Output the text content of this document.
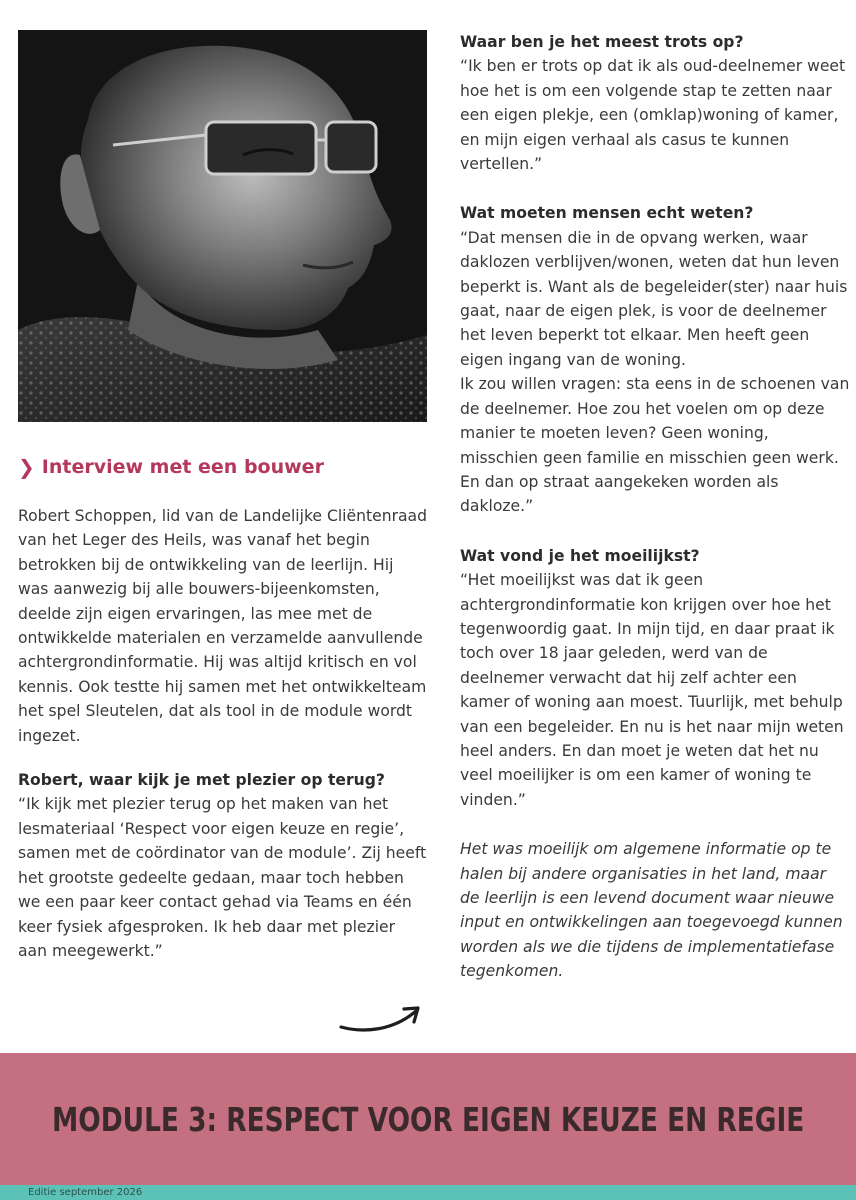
❯ Interview met een bouwer

Robert Schoppen, lid van de Landelijke Cliëntenraad van het Leger des Heils, was vanaf het begin betrokken bij de ontwikkeling van de leerlijn. Hij was aanwezig bij alle bouwers-bijeenkomsten, deelde zijn eigen ervaringen, las mee met de ontwikkelde materialen en verzamelde aanvullende achtergrondinformatie. Hij was altijd kritisch en vol kennis. Ook testte hij samen met het ontwikkelteam het spel Sleutelen, dat als tool in de module wordt ingezet.

Robert, waar kijk je met plezier op terug?

“Ik kijk met plezier terug op het maken van het lesmateriaal ‘Respect voor eigen keuze en regie’, samen met de coördinator van de module’. Zij heeft het grootste gedeelte gedaan, maar toch hebben we een paar keer contact gehad via Teams en één keer fysiek afgesproken. Ik heb daar met plezier aan meegewerkt.”

Waar ben je het meest trots op?

“Ik ben er trots op dat ik als oud-deelnemer weet hoe het is om een volgende stap te zetten naar een eigen plekje, een (omklap)woning of kamer, en mijn eigen verhaal als casus te kunnen vertellen.”

Wat moeten mensen echt weten?

“Dat mensen die in de opvang werken, waar daklozen verblijven/wonen, weten dat hun leven beperkt is. Want als de begeleider(ster) naar huis gaat, naar de eigen plek, is voor de deelnemer het leven beperkt tot elkaar. Men heeft geen eigen ingang van de woning.

Ik zou willen vragen: sta eens in de schoenen van de deelnemer. Hoe zou het voelen om op deze manier te moeten leven? Geen woning, misschien geen familie en misschien geen werk. En dan op straat aangekeken worden als dakloze.”

Wat vond je het moeilijkst?

“Het moeilijkst was dat ik geen achtergrondinformatie kon krijgen over hoe het tegenwoordig gaat. In mijn tijd, en daar praat ik toch over 18 jaar geleden, werd van de deelnemer verwacht dat hij zelf achter een kamer of woning aan moest. Tuurlijk, met behulp van een begeleider. En nu is het naar mijn weten heel anders. En dan moet je weten dat het nu veel moeilijker is om een kamer of woning te vinden.”

Het was moeilijk om algemene informatie op te halen bij andere organisaties in het land, maar de leerlijn is een levend document waar nieuwe input en ontwikkelingen aan toegevoegd kunnen worden als we die tijdens de implementatiefase tegenkomen.

MODULE 3: RESPECT VOOR EIGEN KEUZE EN REGIE
Editie september 2026
